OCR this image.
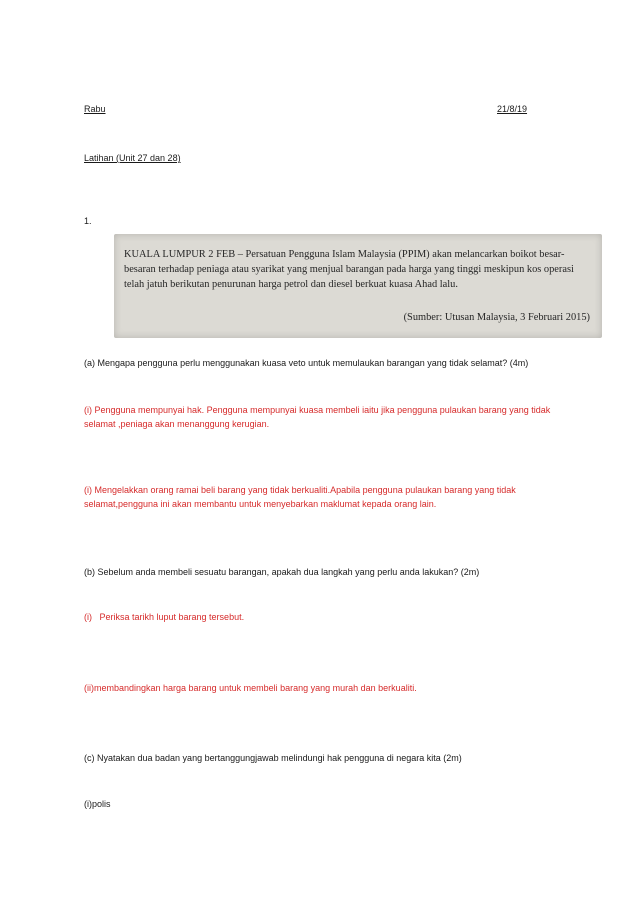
Rabu	21/8/19
Latihan (Unit 27 dan 28)
1.
KUALA LUMPUR 2 FEB – Persatuan Pengguna Islam Malaysia (PPIM) akan melancarkan boikot besar-besaran terhadap peniaga atau syarikat yang menjual barangan pada harga yang tinggi meskipun kos operasi telah jatuh berikutan penurunan harga petrol dan diesel berkuat kuasa Ahad lalu.
(Sumber: Utusan Malaysia, 3 Februari 2015)
(a) Mengapa pengguna perlu menggunakan kuasa veto untuk memulaukan barangan yang tidak selamat? (4m)
(i) Pengguna mempunyai hak. Pengguna mempunyai kuasa membeli iaitu jika pengguna pulaukan barang yang tidak selamat ,peniaga akan menanggung kerugian.
(i) Mengelakkan orang ramai beli barang yang tidak berkualiti.Apabila pengguna pulaukan barang yang tidak selamat,pengguna ini akan membantu untuk menyebarkan maklumat kepada orang lain.
(b) Sebelum anda membeli sesuatu barangan, apakah dua langkah yang perlu anda lakukan? (2m)
(i)   Periksa tarikh luput barang tersebut.
(ii)membandingkan harga barang untuk membeli barang yang murah dan berkualiti.
(c) Nyatakan dua badan yang bertanggungjawab melindungi hak pengguna di negara kita (2m)
(i)polis
